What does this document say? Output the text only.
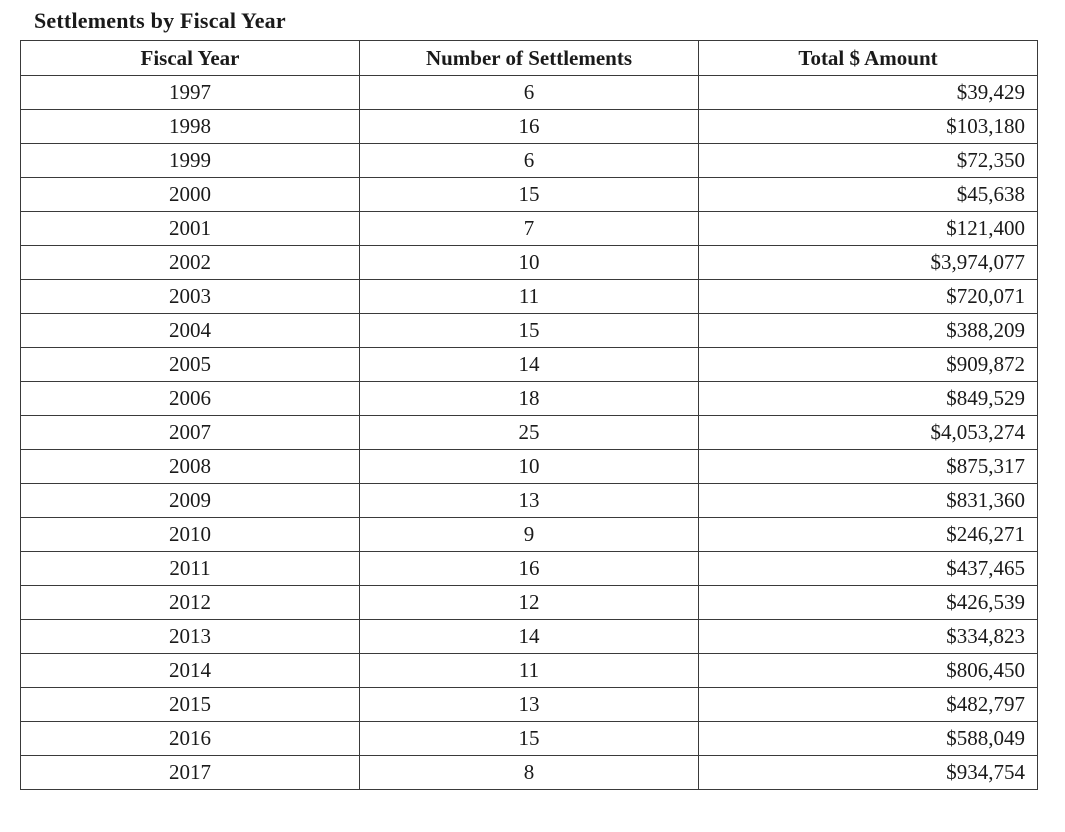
Settlements by Fiscal Year
Fiscal Year	Number of Settlements	Total $ Amount
1997	6	$39,429
1998	16	$103,180
1999	6	$72,350
2000	15	$45,638
2001	7	$121,400
2002	10	$3,974,077
2003	11	$720,071
2004	15	$388,209
2005	14	$909,872
2006	18	$849,529
2007	25	$4,053,274
2008	10	$875,317
2009	13	$831,360
2010	9	$246,271
2011	16	$437,465
2012	12	$426,539
2013	14	$334,823
2014	11	$806,450
2015	13	$482,797
2016	15	$588,049
2017	8	$934,754
